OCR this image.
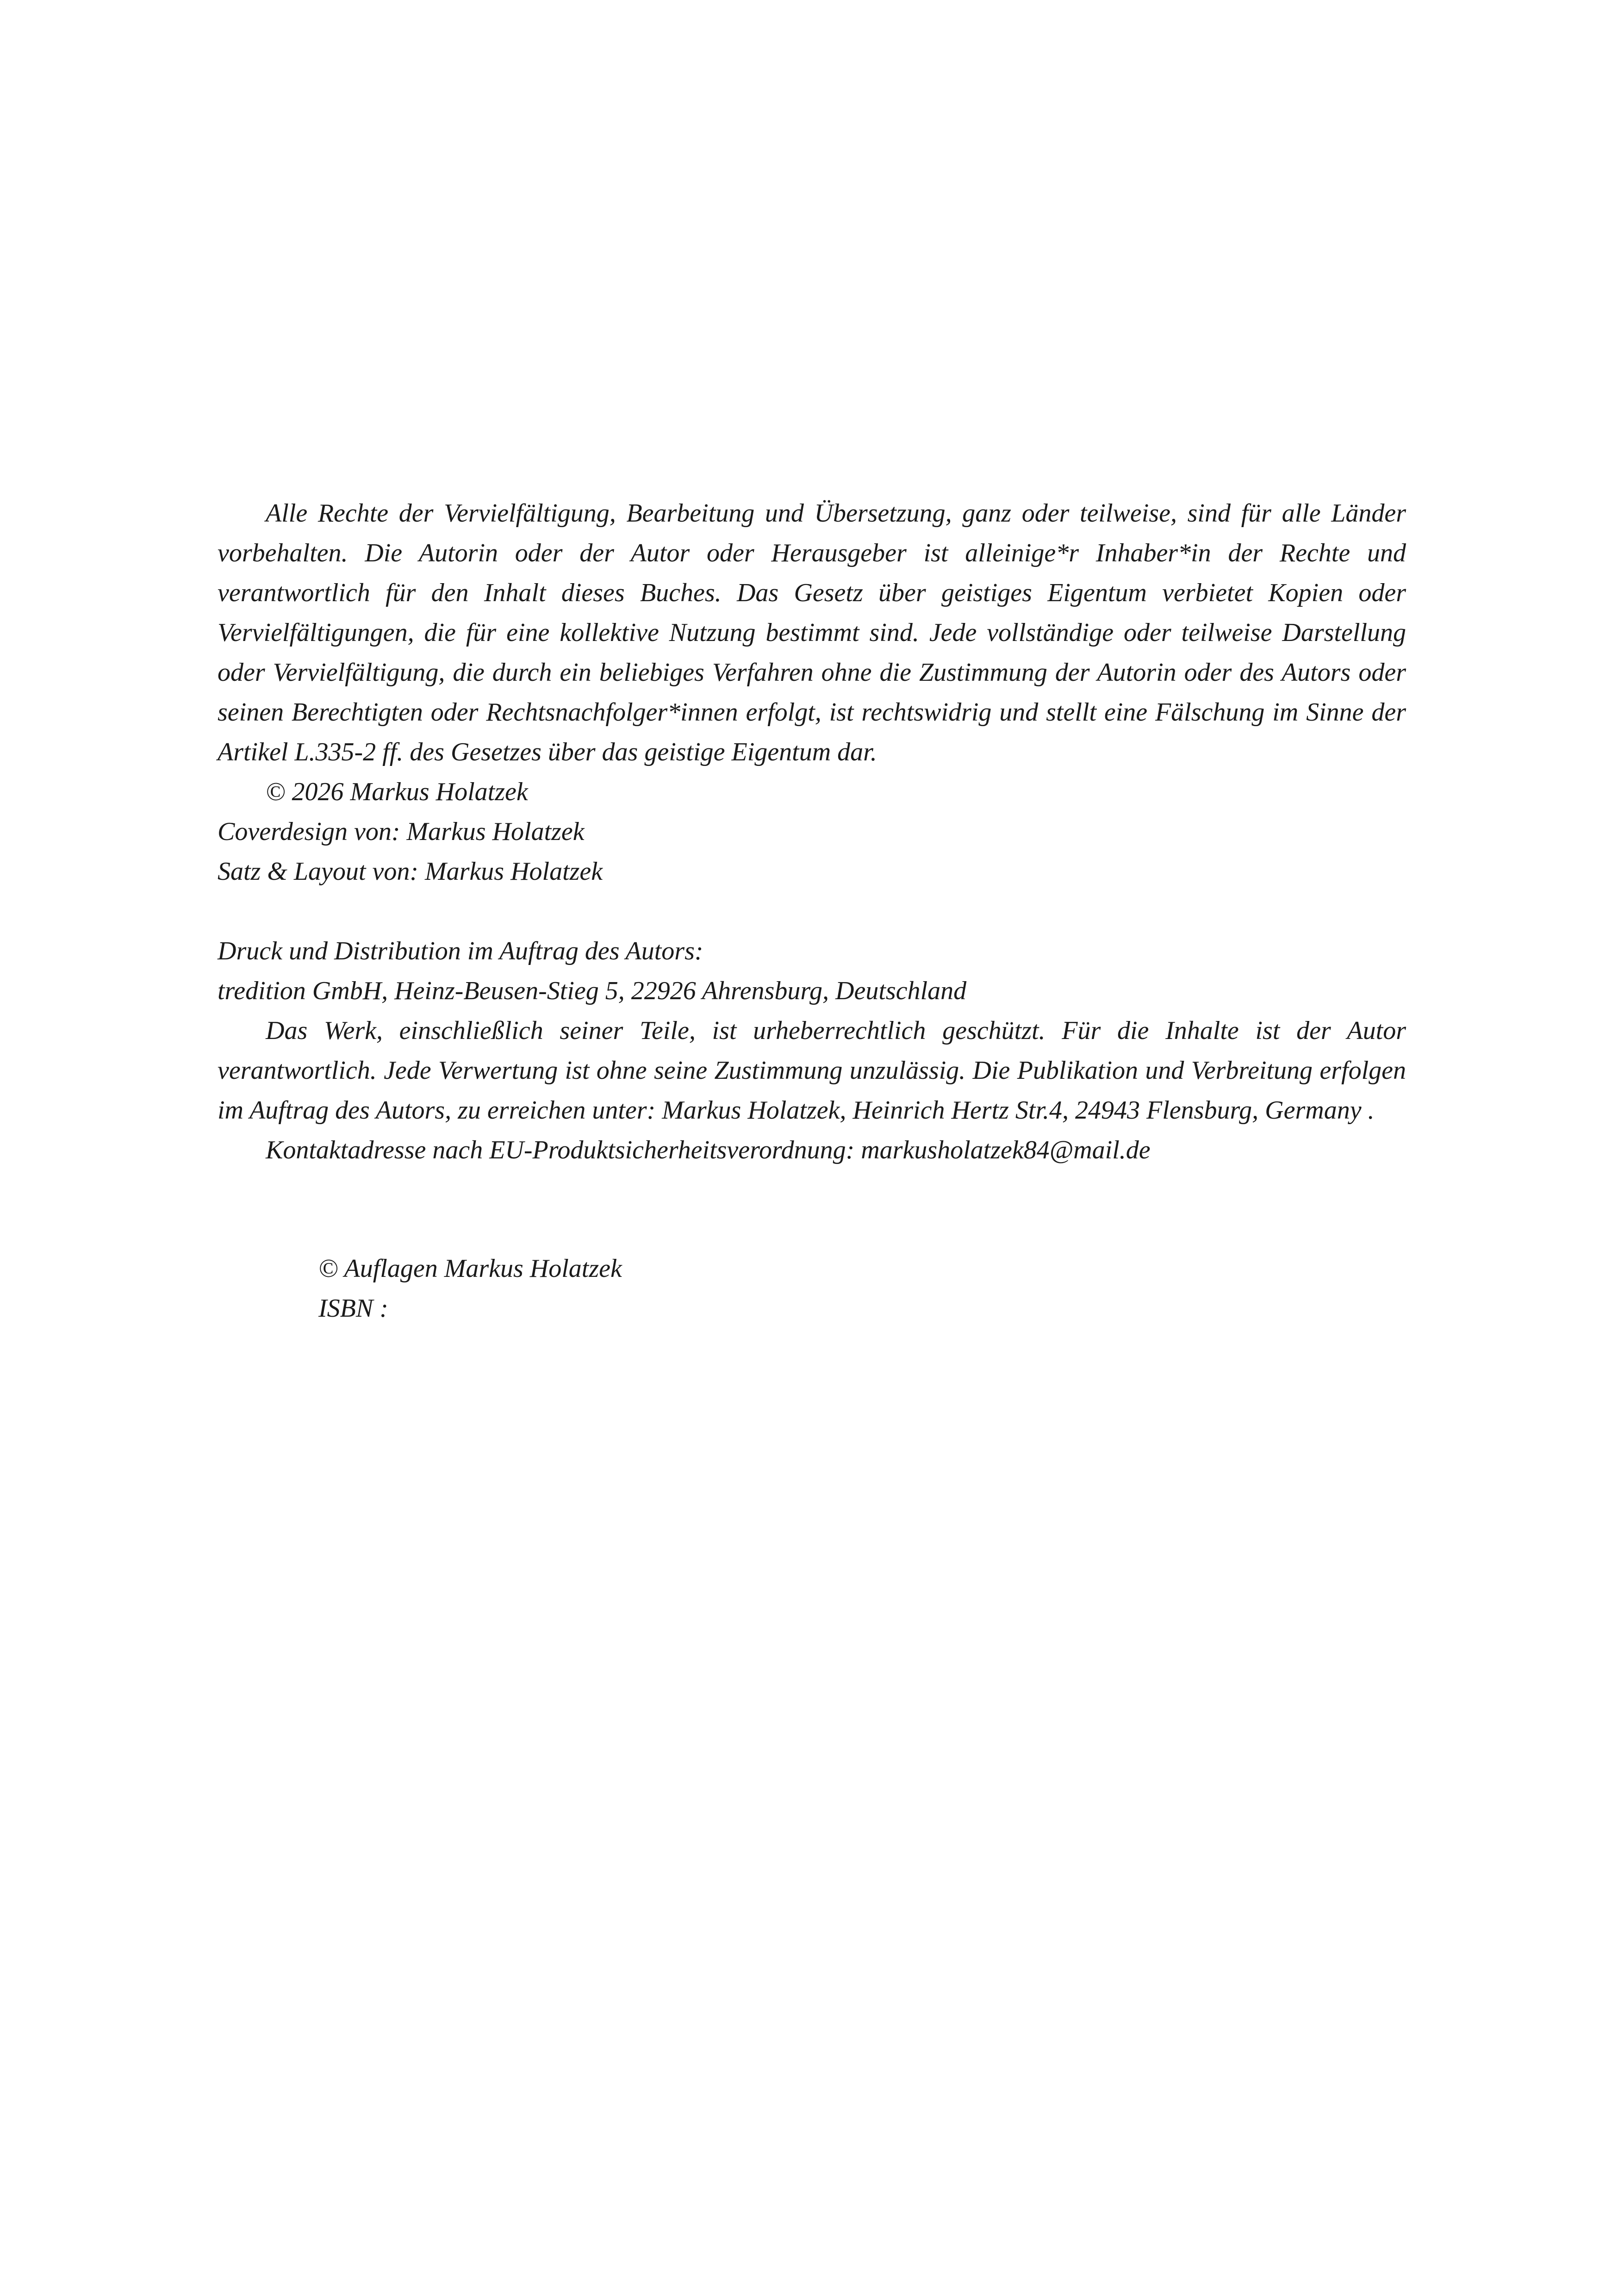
Alle Rechte der Vervielfältigung, Bearbeitung und Übersetzung, ganz oder teilweise, sind für alle Länder vorbehalten. Die Autorin oder der Autor oder Herausgeber ist alleinige*r Inhaber*in der Rechte und verantwortlich für den Inhalt dieses Buches. Das Gesetz über geistiges Eigentum verbietet Kopien oder Vervielfältigungen, die für eine kollektive Nutzung bestimmt sind. Jede vollständige oder teilweise Darstellung oder Vervielfältigung, die durch ein beliebiges Verfahren ohne die Zustimmung der Autorin oder des Autors oder seinen Berechtigten oder Rechtsnachfolger*innen erfolgt, ist rechtswidrig und stellt eine Fälschung im Sinne der Artikel L.335-2 ff. des Gesetzes über das geistige Eigentum dar.

© 2026 Markus Holatzek

Coverdesign von: Markus Holatzek

Satz & Layout von: Markus Holatzek

Druck und Distribution im Auftrag des Autors:

tredition GmbH, Heinz-Beusen-Stieg 5, 22926 Ahrensburg, Deutschland

Das Werk, einschließlich seiner Teile, ist urheberrechtlich geschützt. Für die Inhalte ist der Autor verantwortlich. Jede Verwertung ist ohne seine Zustimmung unzulässig. Die Publikation und Verbreitung erfolgen im Auftrag des Autors, zu erreichen unter: Markus Holatzek, Heinrich Hertz Str.4, 24943 Flensburg, Germany .

Kontaktadresse nach EU-Produktsicherheitsverordnung: markusholatzek84@mail.de

© Auflagen Markus Holatzek

ISBN :
